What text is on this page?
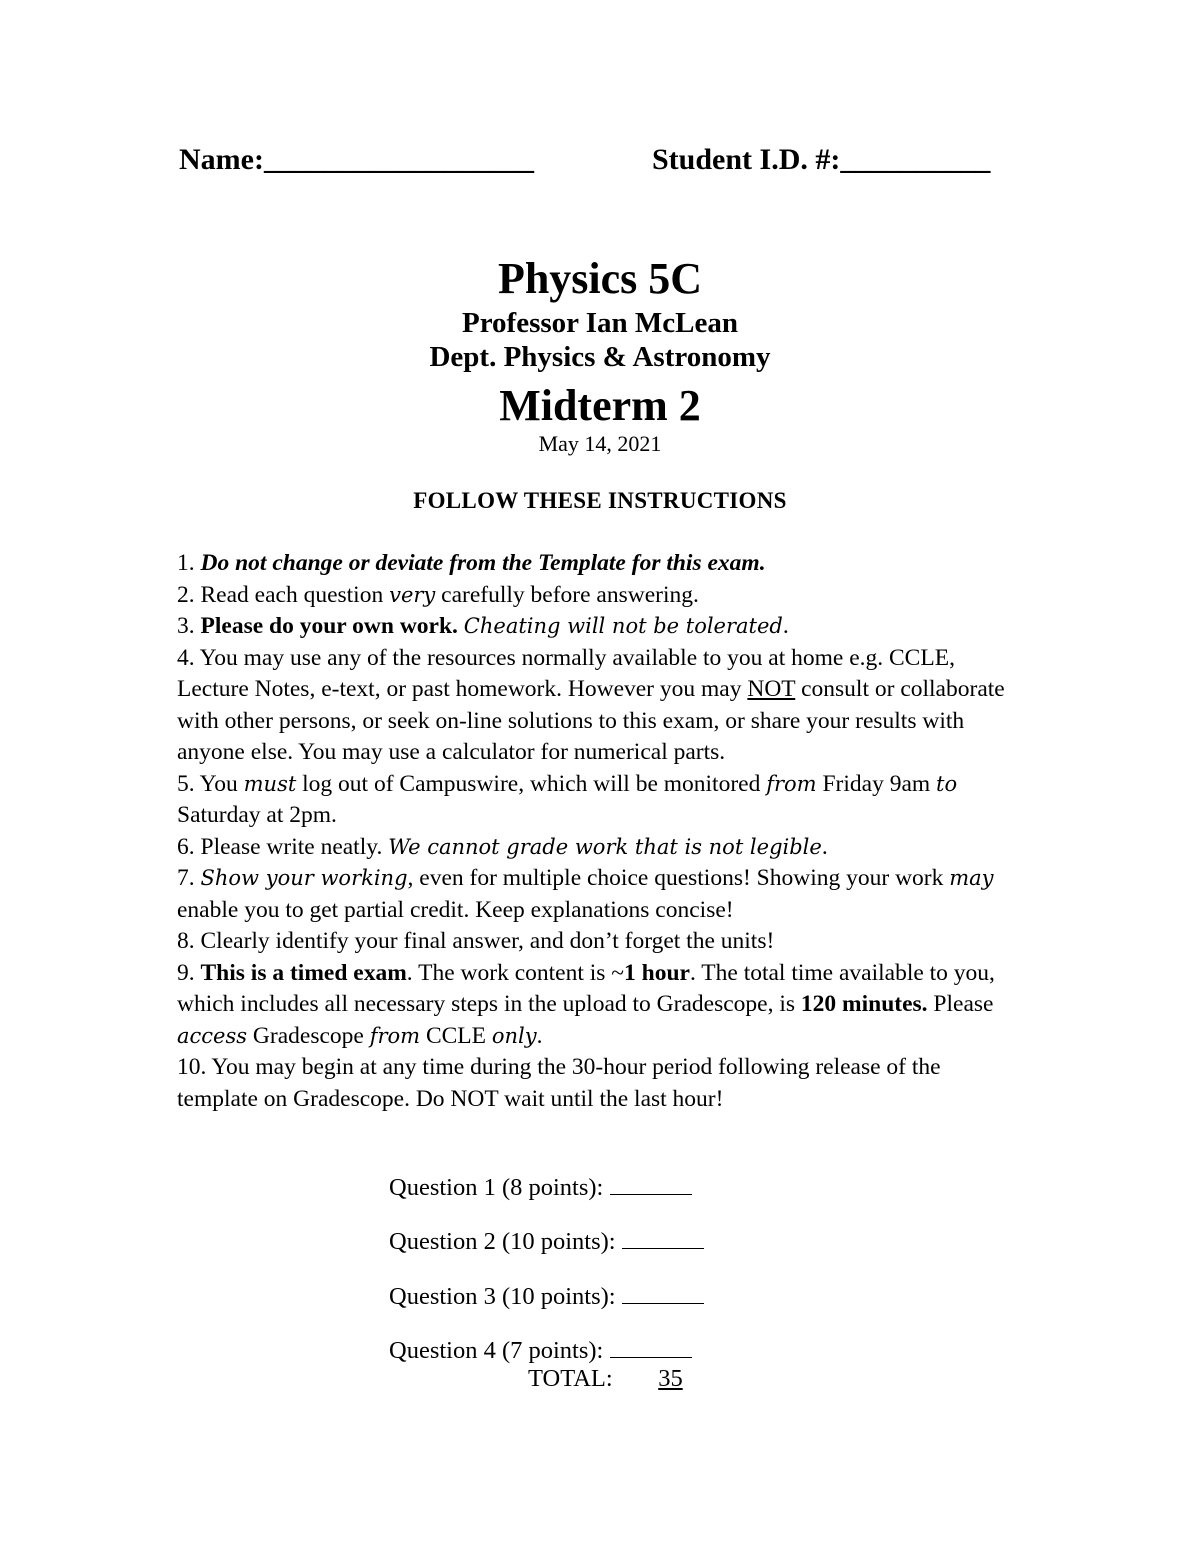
Name:__________________	Student I.D. #:__________
Physics 5C
Professor Ian McLean
Dept. Physics & Astronomy
Midterm 2
May 14, 2021
FOLLOW THESE INSTRUCTIONS

1. Do not change or deviate from the Template for this exam.

2. Read each question very carefully before answering.

3. Please do your own work. Cheating will not be tolerated.

4. You may use any of the resources normally available to you at home e.g. CCLE, Lecture Notes, e-text, or past homework. However you may NOT consult or collaborate with other persons, or seek on-line solutions to this exam, or share your results with anyone else. You may use a calculator for numerical parts.

5. You must log out of Campuswire, which will be monitored from Friday 9am to Saturday at 2pm.

6. Please write neatly. We cannot grade work that is not legible.

7. Show your working, even for multiple choice questions! Showing your work may enable you to get partial credit. Keep explanations concise!

8. Clearly identify your final answer, and don’t forget the units!

9. This is a timed exam. The work content is ~1 hour. The total time available to you, which includes all necessary steps in the upload to Gradescope, is 120 minutes. Please access Gradescope from CCLE only.

10. You may begin at any time during the 30-hour period following release of the template on Gradescope. Do NOT wait until the last hour!

Question 1 (8 points):
Question 2 (10 points):
Question 3 (10 points):
Question 4 (7 points):
TOTAL: 35
